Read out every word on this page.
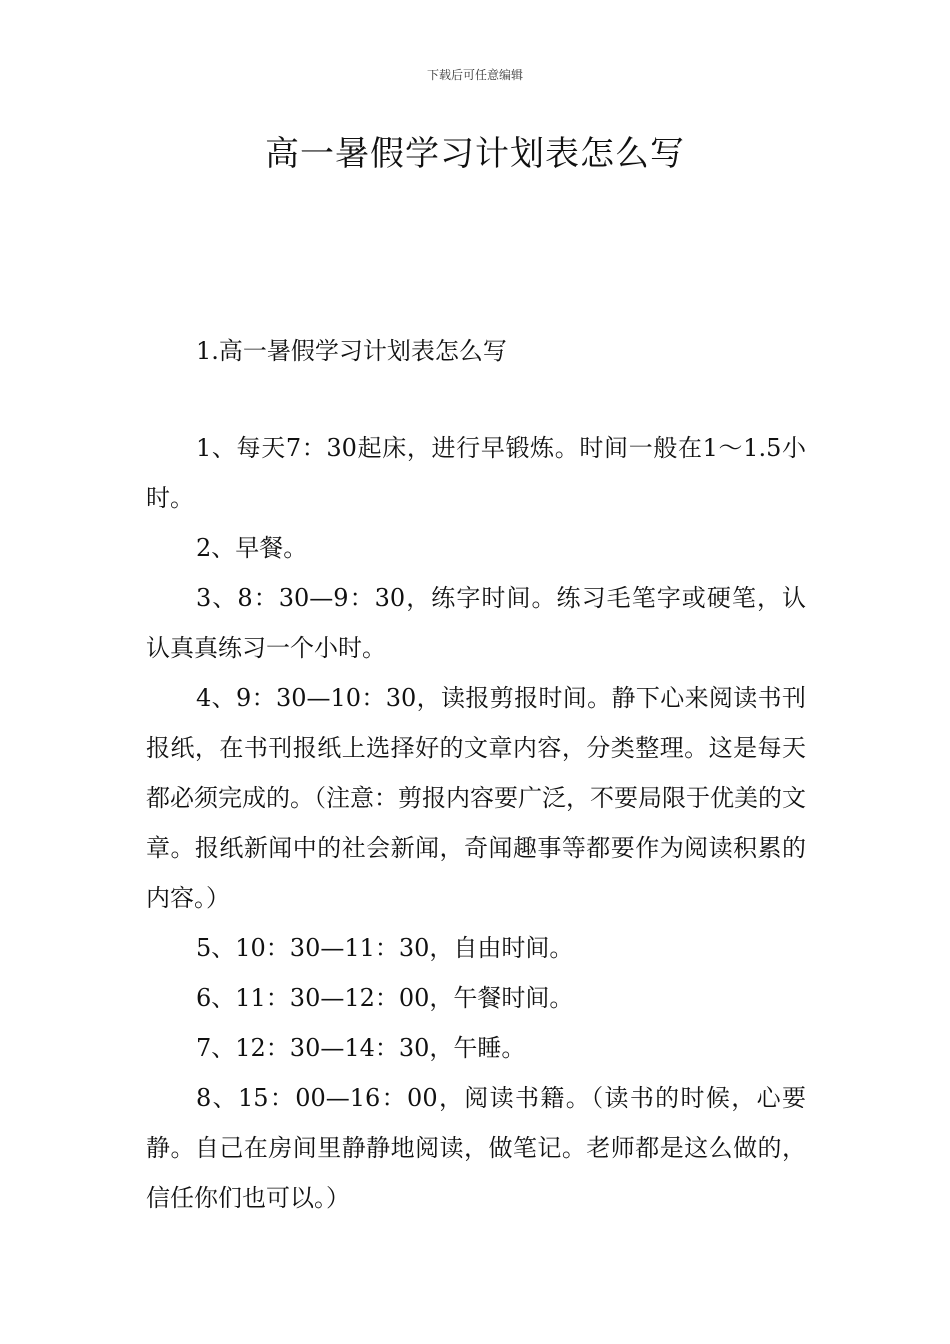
下载后可任意编辑
高一暑假学习计划表怎么写

1.高一暑假学习计划表怎么写

1、每天7：30起床，进行早锻炼。时间一般在1～1.5小时。

2、早餐。

3、8：30—9：30，练字时间。练习毛笔字或硬笔，认认真真练习一个小时。

4、9：30—10：30，读报剪报时间。静下心来阅读书刊报纸，在书刊报纸上选择好的文章内容，分类整理。这是每天都必须完成的。（注意：剪报内容要广泛，不要局限于优美的文章。报纸新闻中的社会新闻，奇闻趣事等都要作为阅读积累的内容。）

5、10：30—11：30，自由时间。

6、11：30—12：00，午餐时间。

7、12：30—14：30，午睡。

8、15：00—16：00，阅读书籍。（读书的时候，心要静。自己在房间里静静地阅读，做笔记。老师都是这么做的，信任你们也可以。）
